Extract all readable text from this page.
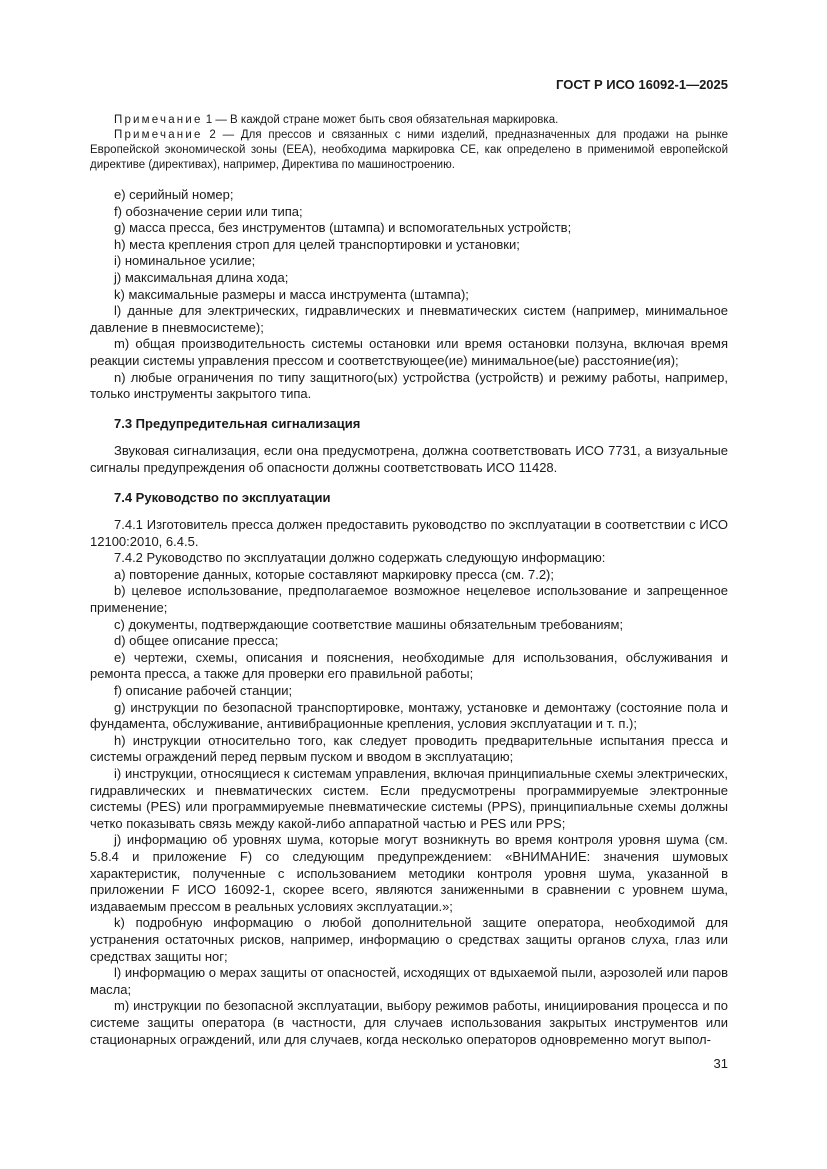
ГОСТ Р ИСО 16092-1—2025

Примечание 1 — В каждой стране может быть своя обязательная маркировка.

Примечание 2 — Для прессов и связанных с ними изделий, предназначенных для продажи на рынке Европейской экономической зоны (ЕЕА), необходима маркировка СЕ, как определено в применимой европейской директиве (директивах), например, Директива по машиностроению.

e) серийный номер;

f) обозначение серии или типа;

g) масса пресса, без инструментов (штампа) и вспомогательных устройств;

h) места крепления строп для целей транспортировки и установки;

i) номинальное усилие;

j) максимальная длина хода;

k) максимальные размеры и масса инструмента (штампа);

l) данные для электрических, гидравлических и пневматических систем (например, минимальное давление в пневмосистеме);

m) общая производительность системы остановки или время остановки ползуна, включая время реакции системы управления прессом и соответствующее(ие) минимальное(ые) расстояние(ия);

n) любые ограничения по типу защитного(ых) устройства (устройств) и режиму работы, например, только инструменты закрытого типа.

7.3 Предупредительная сигнализация

Звуковая сигнализация, если она предусмотрена, должна соответствовать ИСО 7731, а визуальные сигналы предупреждения об опасности должны соответствовать ИСО 11428.

7.4 Руководство по эксплуатации

7.4.1 Изготовитель пресса должен предоставить руководство по эксплуатации в соответствии с ИСО 12100:2010, 6.4.5.

7.4.2 Руководство по эксплуатации должно содержать следующую информацию:

a) повторение данных, которые составляют маркировку пресса (см. 7.2);

b) целевое использование, предполагаемое возможное нецелевое использование и запрещенное применение;

c) документы, подтверждающие соответствие машины обязательным требованиям;

d) общее описание пресса;

e) чертежи, схемы, описания и пояснения, необходимые для использования, обслуживания и ремонта пресса, а также для проверки его правильной работы;

f) описание рабочей станции;

g) инструкции по безопасной транспортировке, монтажу, установке и демонтажу (состояние пола и фундамента, обслуживание, антивибрационные крепления, условия эксплуатации и т. п.);

h) инструкции относительно того, как следует проводить предварительные испытания пресса и системы ограждений перед первым пуском и вводом в эксплуатацию;

i) инструкции, относящиеся к системам управления, включая принципиальные схемы электрических, гидравлических и пневматических систем. Если предусмотрены программируемые электронные системы (PES) или программируемые пневматические системы (PPS), принципиальные схемы должны четко показывать связь между какой-либо аппаратной частью и PES или PPS;

j) информацию об уровнях шума, которые могут возникнуть во время контроля уровня шума (см. 5.8.4 и приложение F) со следующим предупреждением: «ВНИМАНИЕ: значения шумовых характеристик, полученные с использованием методики контроля уровня шума, указанной в приложении F ИСО 16092-1, скорее всего, являются заниженными в сравнении с уровнем шума, издаваемым прессом в реальных условиях эксплуатации.»;

k) подробную информацию о любой дополнительной защите оператора, необходимой для устранения остаточных рисков, например, информацию о средствах защиты органов слуха, глаз или средствах защиты ног;

l) информацию о мерах защиты от опасностей, исходящих от вдыхаемой пыли, аэрозолей или паров масла;

m) инструкции по безопасной эксплуатации, выбору режимов работы, инициирования процесса и по системе защиты оператора (в частности, для случаев использования закрытых инструментов или стационарных ограждений, или для случаев, когда несколько операторов одновременно могут выпол-

31
